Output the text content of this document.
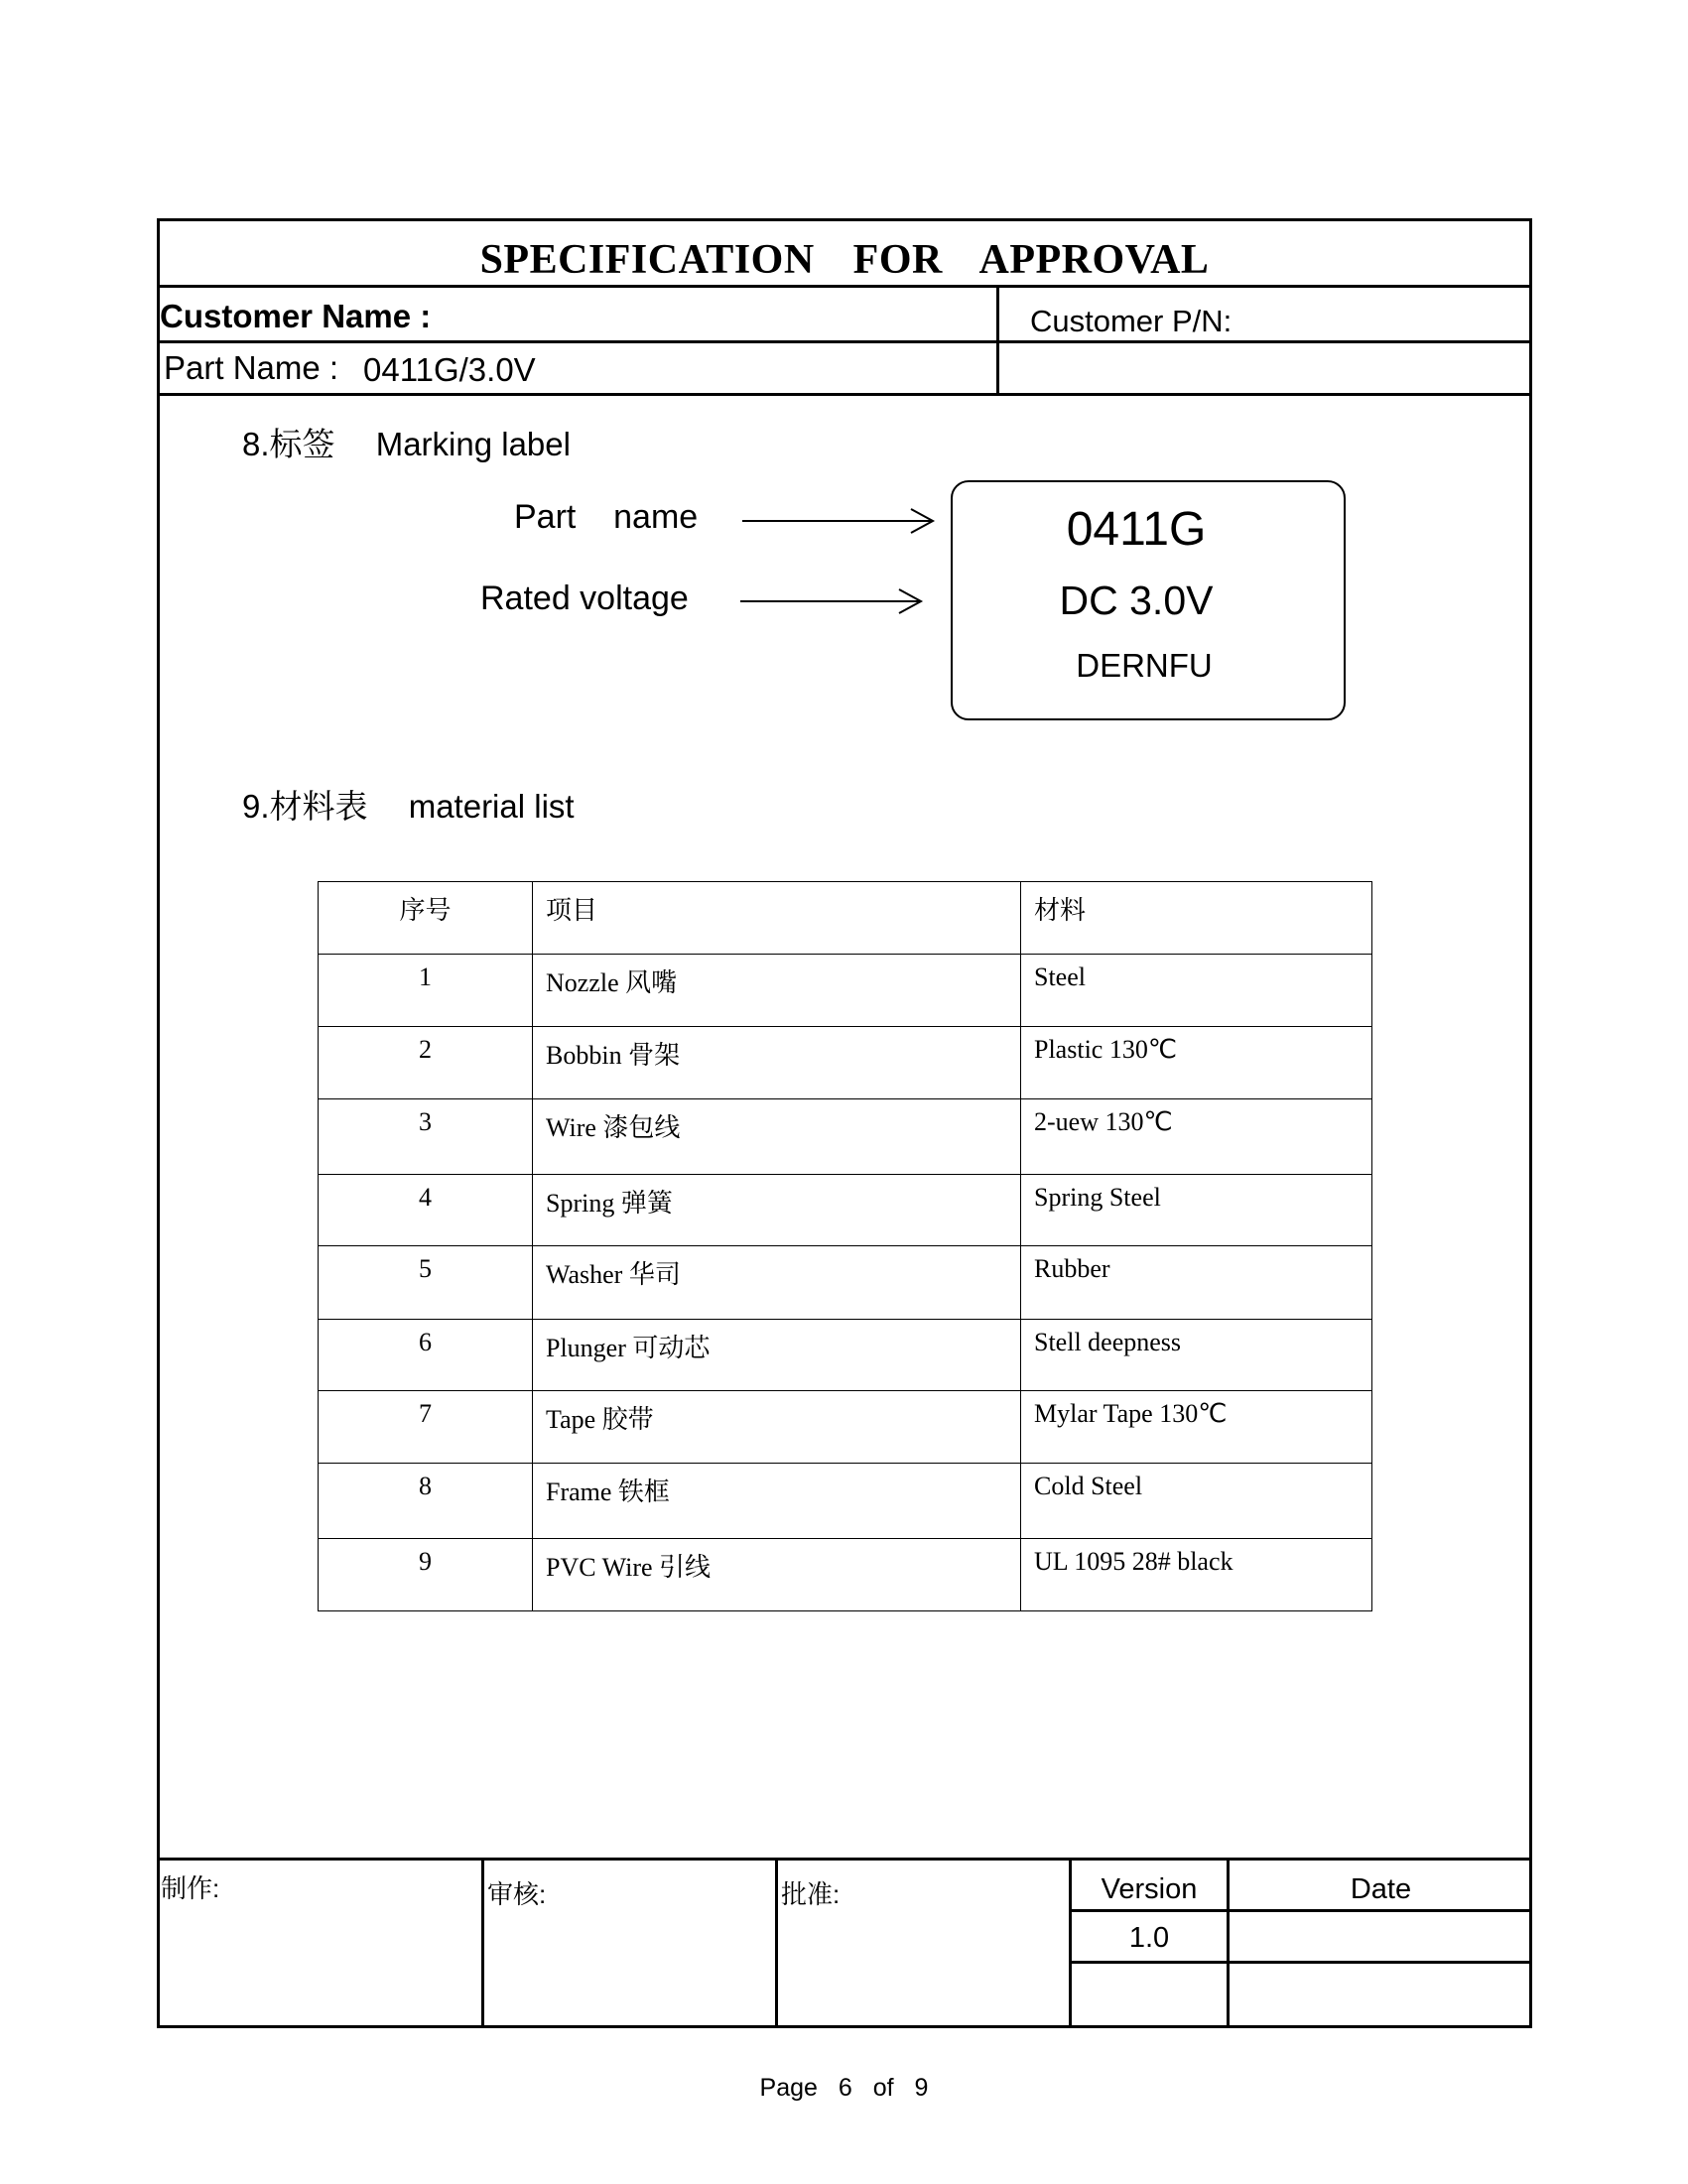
SPECIFICATION FOR APPROVAL
Customer Name :	Customer P/N:
Part Name : 0411G/3.0V
8.标签 Marking label
Part    name
Rated voltage
0411G
DC 3.0V
DERNFU
9.材料表 material list
序号	项目	材料
1	Nozzle 风嘴	Steel
2	Bobbin 骨架	Plastic 130℃
3	Wire 漆包线	2-uew 130℃
4	Spring 弹簧	Spring Steel
5	Washer 华司	Rubber
6	Plunger 可动芯	Stell deepness
7	Tape 胶带	Mylar Tape 130℃
8	Frame 铁框	Cold Steel
9	PVC Wire 引线	UL 1095 28# black
制作:	审核:	批准:	Version	Date
1.0
Page 6 of 9
